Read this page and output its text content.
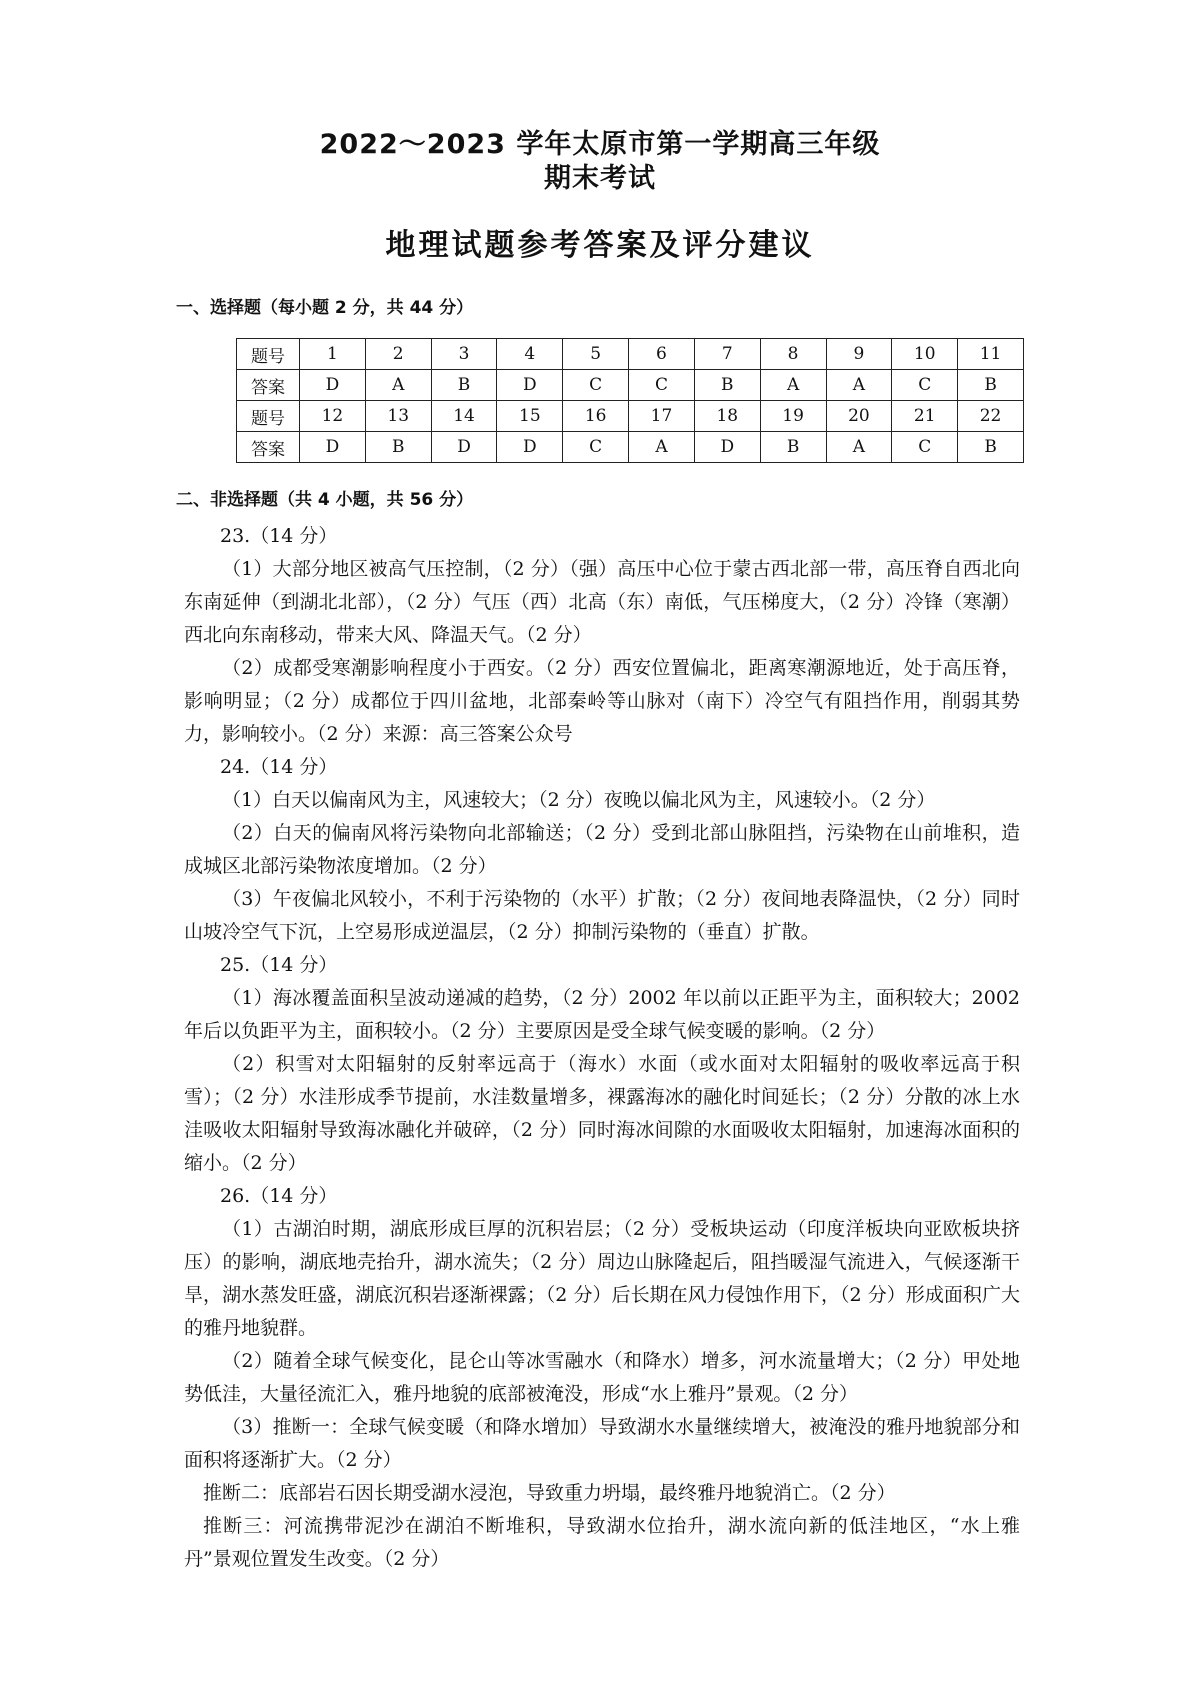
2022～2023 学年太原市第一学期高三年级
期末考试
地理试题参考答案及评分建议
一、选择题（每小题 2 分，共 44 分）
题号	1	2	3	4	5	6	7	8	9	10	11
答案	D	A	B	D	C	C	B	A	A	C	B
题号	12	13	14	15	16	17	18	19	20	21	22
答案	D	B	D	D	C	A	D	B	A	C	B
二、非选择题（共 4 小题，共 56 分）

23.（14 分）

（1）大部分地区被高气压控制，（2 分）（强）高压中心位于蒙古西北部一带，高压脊自西北向东南延伸（到湖北北部），（2 分）气压（西）北高（东）南低，气压梯度大，（2 分）冷锋（寒潮）西北向东南移动，带来大风、降温天气。（2 分）

（2）成都受寒潮影响程度小于西安。（2 分）西安位置偏北，距离寒潮源地近，处于高压脊，影响明显；（2 分）成都位于四川盆地，北部秦岭等山脉对（南下）冷空气有阻挡作用，削弱其势力，影响较小。（2 分）来源：高三答案公众号

24.（14 分）

（1）白天以偏南风为主，风速较大；（2 分）夜晚以偏北风为主，风速较小。（2 分）

（2）白天的偏南风将污染物向北部输送；（2 分）受到北部山脉阻挡，污染物在山前堆积，造成城区北部污染物浓度增加。（2 分）

（3）午夜偏北风较小，不利于污染物的（水平）扩散；（2 分）夜间地表降温快，（2 分）同时山坡冷空气下沉，上空易形成逆温层，（2 分）抑制污染物的（垂直）扩散。

25.（14 分）

（1）海冰覆盖面积呈波动递减的趋势，（2 分）2002 年以前以正距平为主，面积较大；2002 年后以负距平为主，面积较小。（2 分）主要原因是受全球气候变暖的影响。（2 分）

（2）积雪对太阳辐射的反射率远高于（海水）水面（或水面对太阳辐射的吸收率远高于积雪）；（2 分）水洼形成季节提前，水洼数量增多，裸露海冰的融化时间延长；（2 分）分散的冰上水洼吸收太阳辐射导致海冰融化并破碎，（2 分）同时海冰间隙的水面吸收太阳辐射，加速海冰面积的缩小。（2 分）

26.（14 分）

（1）古湖泊时期，湖底形成巨厚的沉积岩层；（2 分）受板块运动（印度洋板块向亚欧板块挤压）的影响，湖底地壳抬升，湖水流失；（2 分）周边山脉隆起后，阻挡暖湿气流进入，气候逐渐干旱，湖水蒸发旺盛，湖底沉积岩逐渐裸露；（2 分）后长期在风力侵蚀作用下，（2 分）形成面积广大的雅丹地貌群。

（2）随着全球气候变化，昆仑山等冰雪融水（和降水）增多，河水流量增大；（2 分）甲处地势低洼，大量径流汇入，雅丹地貌的底部被淹没，形成“水上雅丹”景观。（2 分）

（3）推断一：全球气候变暖（和降水增加）导致湖水水量继续增大，被淹没的雅丹地貌部分和面积将逐渐扩大。（2 分）

推断二：底部岩石因长期受湖水浸泡，导致重力坍塌，最终雅丹地貌消亡。（2 分）

推断三：河流携带泥沙在湖泊不断堆积，导致湖水位抬升，湖水流向新的低洼地区，“水上雅丹”景观位置发生改变。（2 分）
